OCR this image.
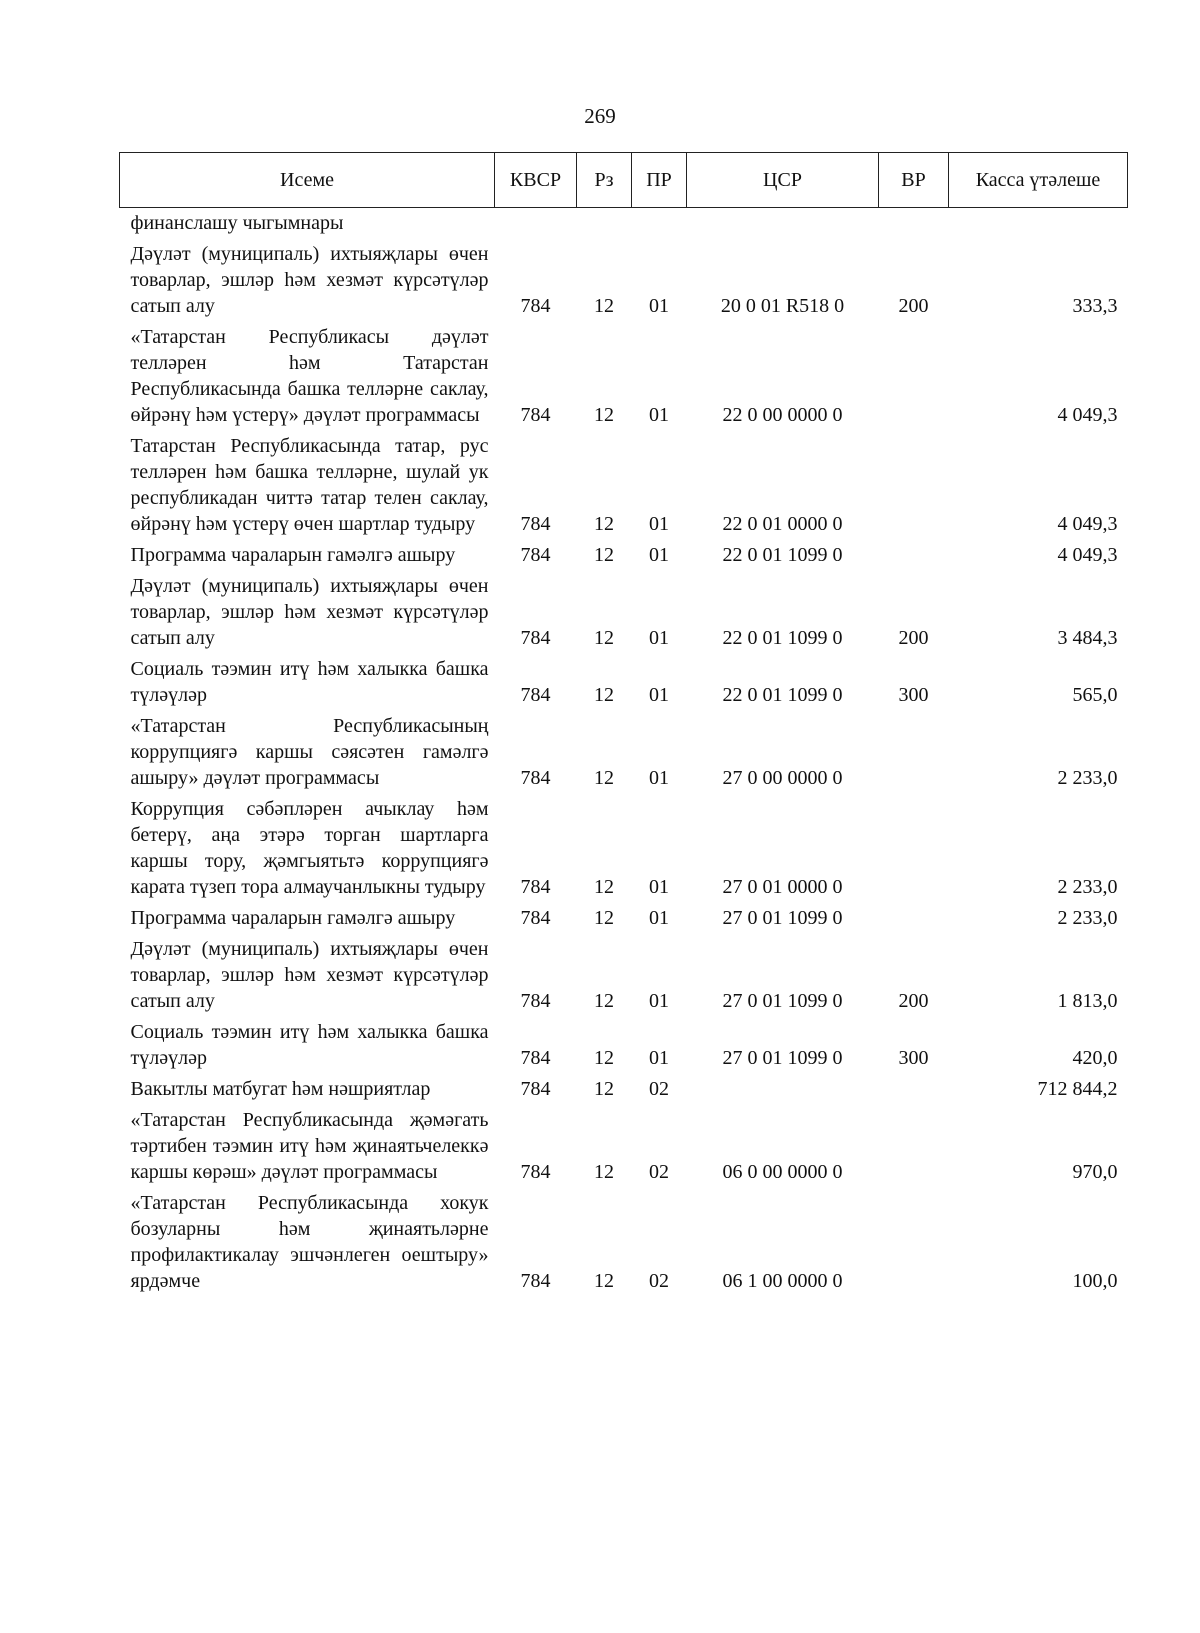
269
Исеме	КВСР	Рз	ПР	ЦСР	ВР	Касса үтәлеше
финанслашу чыгымнары						
Дәүләт (муниципаль) ихтыяҗлары өчен товарлар, эшләр һәм хезмәт күрсәтүләр сатып алу	784	12	01	20 0 01 R518 0	200	333,3
«Татарстан Республикасы дәүләт телләрен һәм Татарстан Республикасында башка телләрне саклау, өйрәнү һәм үстерү» дәүләт программасы	784	12	01	22 0 00 0000 0		4 049,3
Татарстан Республикасында татар, рус телләрен һәм башка телләрне, шулай ук республикадан читтә татар телен саклау, өйрәнү һәм үстерү өчен шартлар тудыру	784	12	01	22 0 01 0000 0		4 049,3
Программа чараларын гамәлгә ашыру	784	12	01	22 0 01 1099 0		4 049,3
Дәүләт (муниципаль) ихтыяҗлары өчен товарлар, эшләр һәм хезмәт күрсәтүләр сатып алу	784	12	01	22 0 01 1099 0	200	3 484,3
Социаль тәэмин итү һәм халыкка башка түләүләр	784	12	01	22 0 01 1099 0	300	565,0
«Татарстан Республикасының коррупциягә каршы сәясәтен гамәлгә ашыру» дәүләт программасы	784	12	01	27 0 00 0000 0		2 233,0
Коррупция сәбәпләрен ачыклау һәм бетерү, аңа этәрә торган шартларга каршы тору, җәмгыятьтә коррупциягә карата түзеп тора алмаучанлыкны тудыру	784	12	01	27 0 01 0000 0		2 233,0
Программа чараларын гамәлгә ашыру	784	12	01	27 0 01 1099 0		2 233,0
Дәүләт (муниципаль) ихтыяҗлары өчен товарлар, эшләр һәм хезмәт күрсәтүләр сатып алу	784	12	01	27 0 01 1099 0	200	1 813,0
Социаль тәэмин итү һәм халыкка башка түләүләр	784	12	01	27 0 01 1099 0	300	420,0
Вакытлы матбугат һәм нәшриятлар	784	12	02			712 844,2
«Татарстан Республикасында җәмәгать тәртибен тәэмин итү һәм җинаятьчелеккә каршы көрәш» дәүләт программасы	784	12	02	06 0 00 0000 0		970,0
«Татарстан Республикасында хокук бозуларны һәм җинаятьләрне профилактикалау эшчәнлеген оештыру» ярдәмче	784	12	02	06 1 00 0000 0		100,0
